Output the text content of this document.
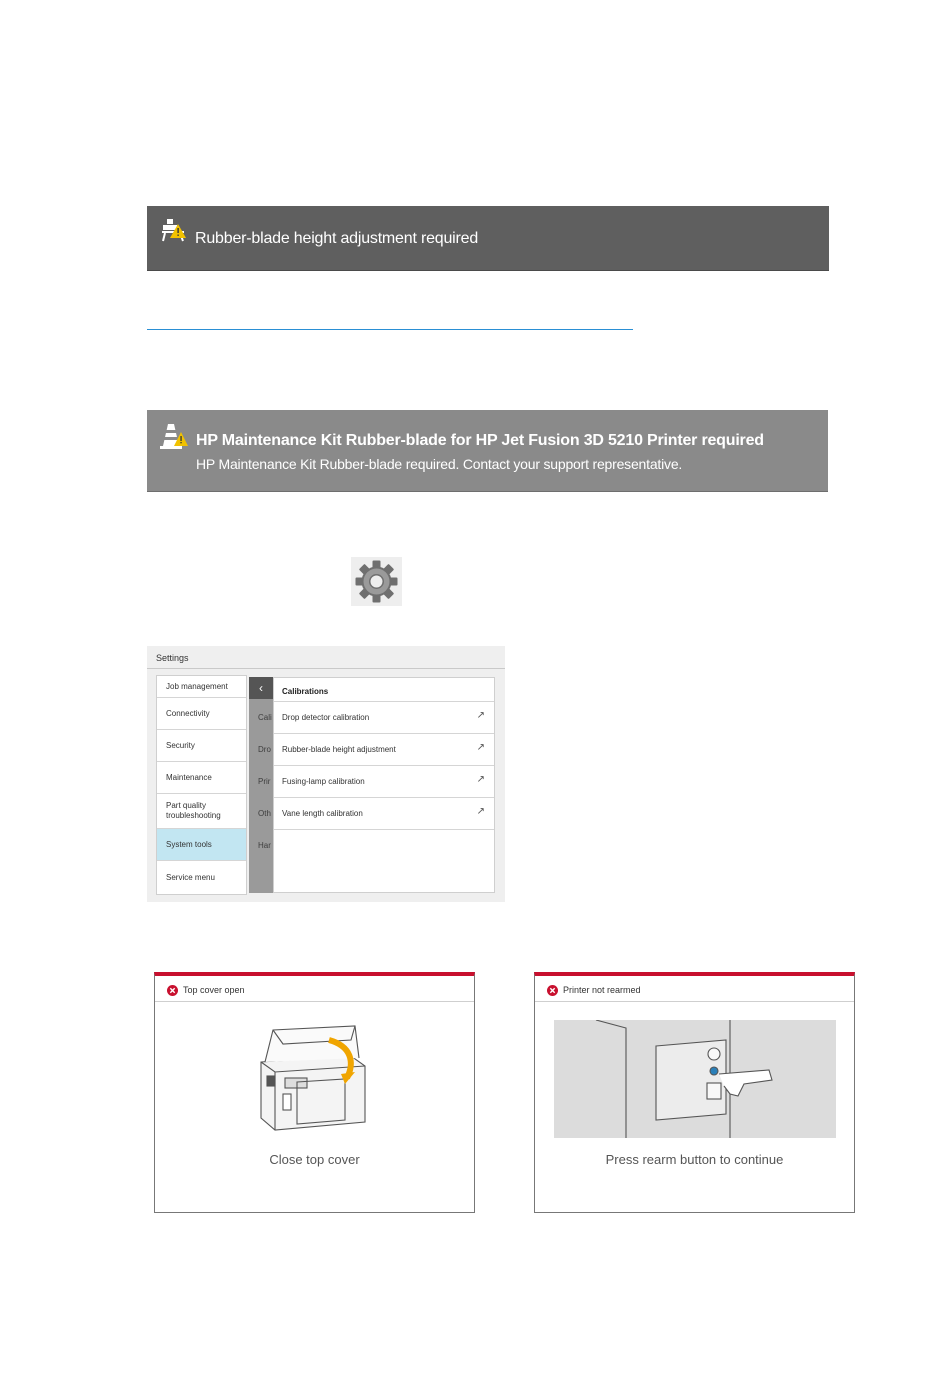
Rubber-blade height adjustment required
HP Maintenance Kit Rubber-blade for HP Jet Fusion 3D 5210 Printer required
HP Maintenance Kit Rubber-blade required. Contact your support representative.
Settings
Job management
Connectivity
Security
Maintenance
Part quality troubleshooting
System tools
Service menu
‹
Cali
Dro
Prir
Oth
Har
Calibrations
Drop detector calibration	↗
Rubber-blade height adjustment	↗
Fusing-lamp calibration	↗
Vane length calibration	↗
Top cover open
Close top cover
Printer not rearmed
Press rearm button to continue
